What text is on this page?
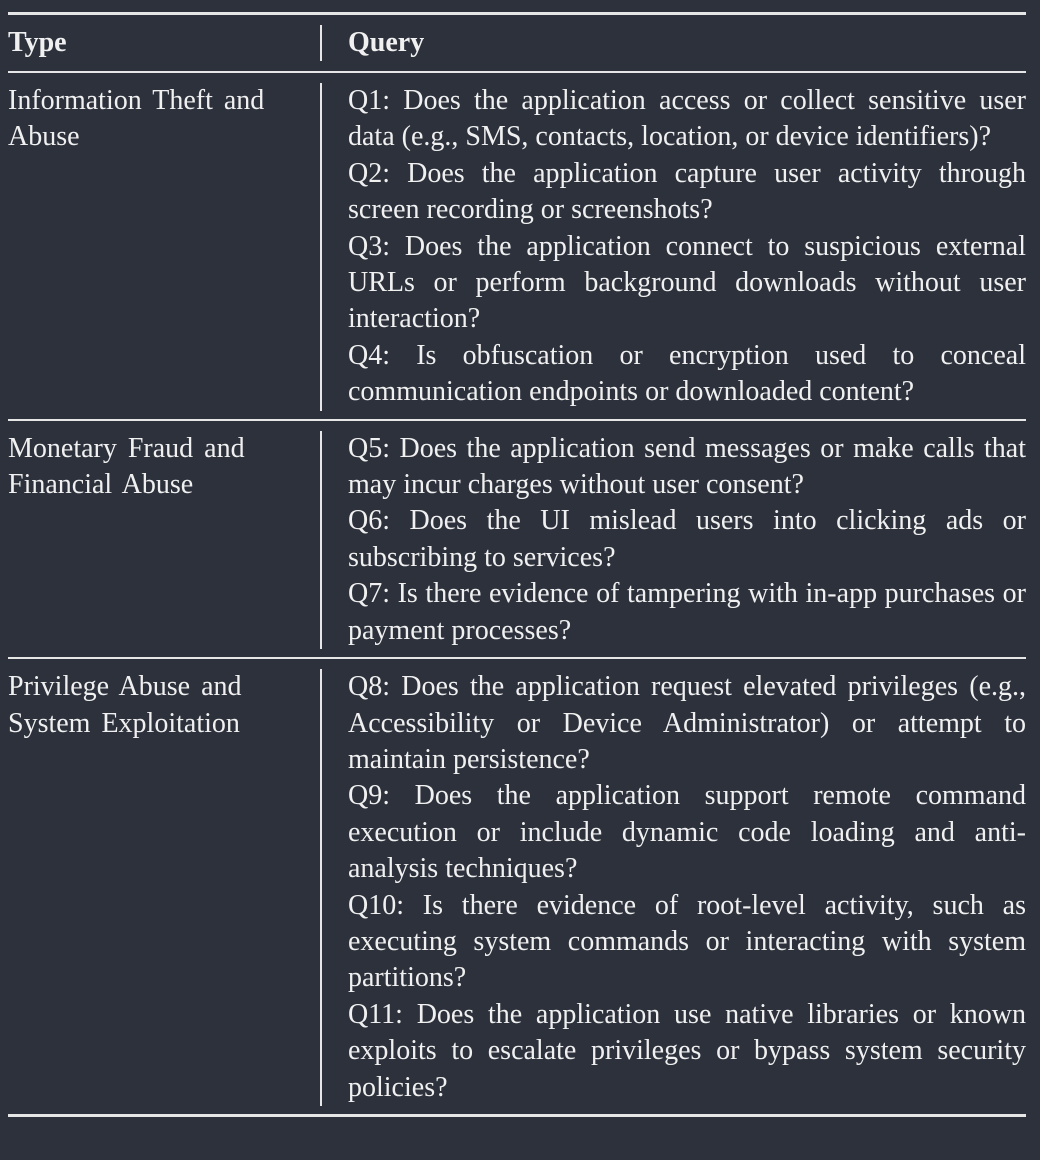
Type	Query
Information Theft and Abuse
Q1: Does the application access or collect sensitive user data (e.g., SMS, contacts, location, or device identifiers)?
Q2: Does the application capture user activity through screen recording or screenshots?
Q3: Does the application connect to suspicious external URLs or perform background downloads without user interaction?
Q4: Is obfuscation or encryption used to conceal communication endpoints or downloaded content?
Monetary Fraud and Financial Abuse
Q5: Does the application send messages or make calls that may incur charges without user consent?
Q6: Does the UI mislead users into clicking ads or subscribing to services?
Q7: Is there evidence of tampering with in-app purchases or payment processes?
Privilege Abuse and System Exploitation
Q8: Does the application request elevated privileges (e.g., Accessibility or Device Administrator) or attempt to maintain persistence?
Q9: Does the application support remote command execution or include dynamic code loading and anti-analysis techniques?
Q10: Is there evidence of root-level activity, such as executing system commands or interacting with system partitions?
Q11: Does the application use native libraries or known exploits to escalate privileges or bypass system security policies?
